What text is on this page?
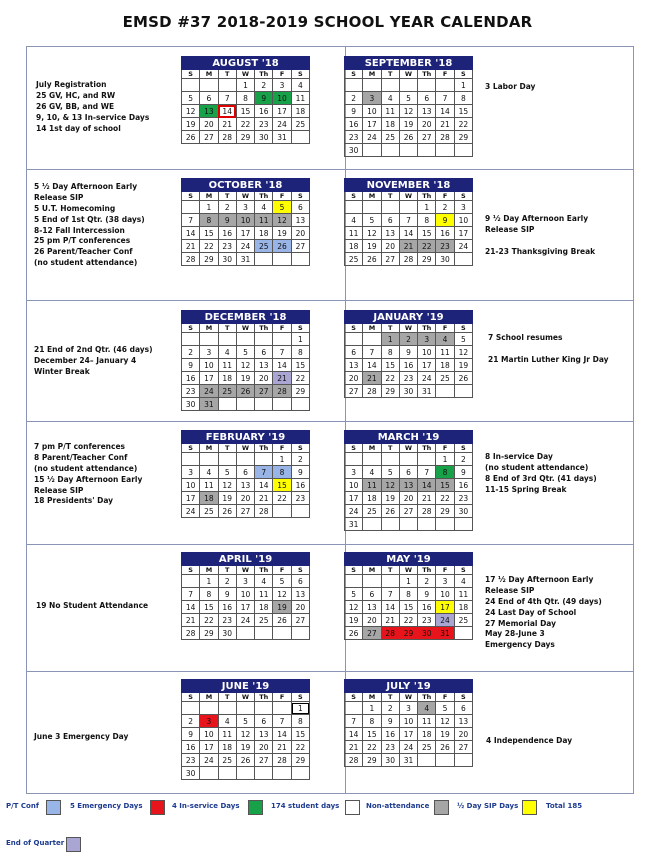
EMSD #37 2018-2019 SCHOOL YEAR CALENDAR
July Registration
25 GV, HC, and RW
26 GV, BB, and WE
9, 10, & 13 In-service Days
14 1st day of school
3 Labor Day
5 ½ Day Afternoon Early
Release SIP
5 U.T. Homecoming
5 End of 1st Qtr. (38 days)
8-12 Fall Intercession
25 pm P/T conferences
26 Parent/Teacher Conf
(no student attendance)
9 ½ Day Afternoon Early
Release SIP

21-23 Thanksgiving Break
21 End of 2nd Qtr. (46 days)
December 24– January 4
Winter Break
7 School resumes

21 Martin Luther King Jr Day
7 pm P/T conferences
8 Parent/Teacher Conf
(no student attendance)
15 ½ Day Afternoon Early
Release SIP
18 Presidents' Day
8 In-service Day
(no student attendance)
8 End of 3rd Qtr. (41 days)
11-15 Spring Break
19 No Student Attendance
17 ½ Day Afternoon Early
Release SIP
24 End of 4th Qtr. (49 days)
24 Last Day of School
27 Memorial Day
May 28-June 3
Emergency Days
June 3 Emergency Day	4 Independence Day
AUGUST '18						
S	M	T	W	Th	F	S
			1	2	3	4
5	6	7	8	9	10	11
12	13	14	15	16	17	18
19	20	21	22	23	24	25
26	27	28	29	30	31	
SEPTEMBER '18						
S	M	T	W	Th	F	S
						1
2	3	4	5	6	7	8
9	10	11	12	13	14	15
16	17	18	19	20	21	22
23	24	25	26	27	28	29
30						
OCTOBER '18						
S	M	T	W	Th	F	S
	1	2	3	4	5	6
7	8	9	10	11	12	13
14	15	16	17	18	19	20
21	22	23	24	25	26	27
28	29	30	31			
NOVEMBER '18						
S	M	T	W	Th	F	S
				1	2	3
4	5	6	7	8	9	10
11	12	13	14	15	16	17
18	19	20	21	22	23	24
25	26	27	28	29	30	
DECEMBER '18						
S	M	T	W	Th	F	S
						1
2	3	4	5	6	7	8
9	10	11	12	13	14	15
16	17	18	19	20	21	22
23	24	25	26	27	28	29
30	31					
JANUARY '19						
S	M	T	W	Th	F	S
		1	2	3	4	5
6	7	8	9	10	11	12
13	14	15	16	17	18	19
20	21	22	23	24	25	26
27	28	29	30	31		
FEBRUARY '19						
S	M	T	W	Th	F	S
					1	2
3	4	5	6	7	8	9
10	11	12	13	14	15	16
17	18	19	20	21	22	23
24	25	26	27	28		
MARCH '19						
S	M	T	W	Th	F	S
					1	2
3	4	5	6	7	8	9
10	11	12	13	14	15	16
17	18	19	20	21	22	23
24	25	26	27	28	29	30
31						
APRIL '19						
S	M	T	W	Th	F	S
	1	2	3	4	5	6
7	8	9	10	11	12	13
14	15	16	17	18	19	20
21	22	23	24	25	26	27
28	29	30				
MAY '19						
S	M	T	W	Th	F	S
			1	2	3	4
5	6	7	8	9	10	11
12	13	14	15	16	17	18
19	20	21	22	23	24	25
26	27	28	29	30	31	
JUNE '19						
S	M	T	W	Th	F	S
						1
2	3	4	5	6	7	8
9	10	11	12	13	14	15
16	17	18	19	20	21	22
23	24	25	26	27	28	29
30						
JULY '19						
S	M	T	W	Th	F	S
	1	2	3	4	5	6
7	8	9	10	11	12	13
14	15	16	17	18	19	20
21	22	23	24	25	26	27
28	29	30	31			
P/T Conf	5 Emergency Days	4 In-service Days	174 student days	Non-attendance	½ Day SIP Days	Total 185
End of Quarter
